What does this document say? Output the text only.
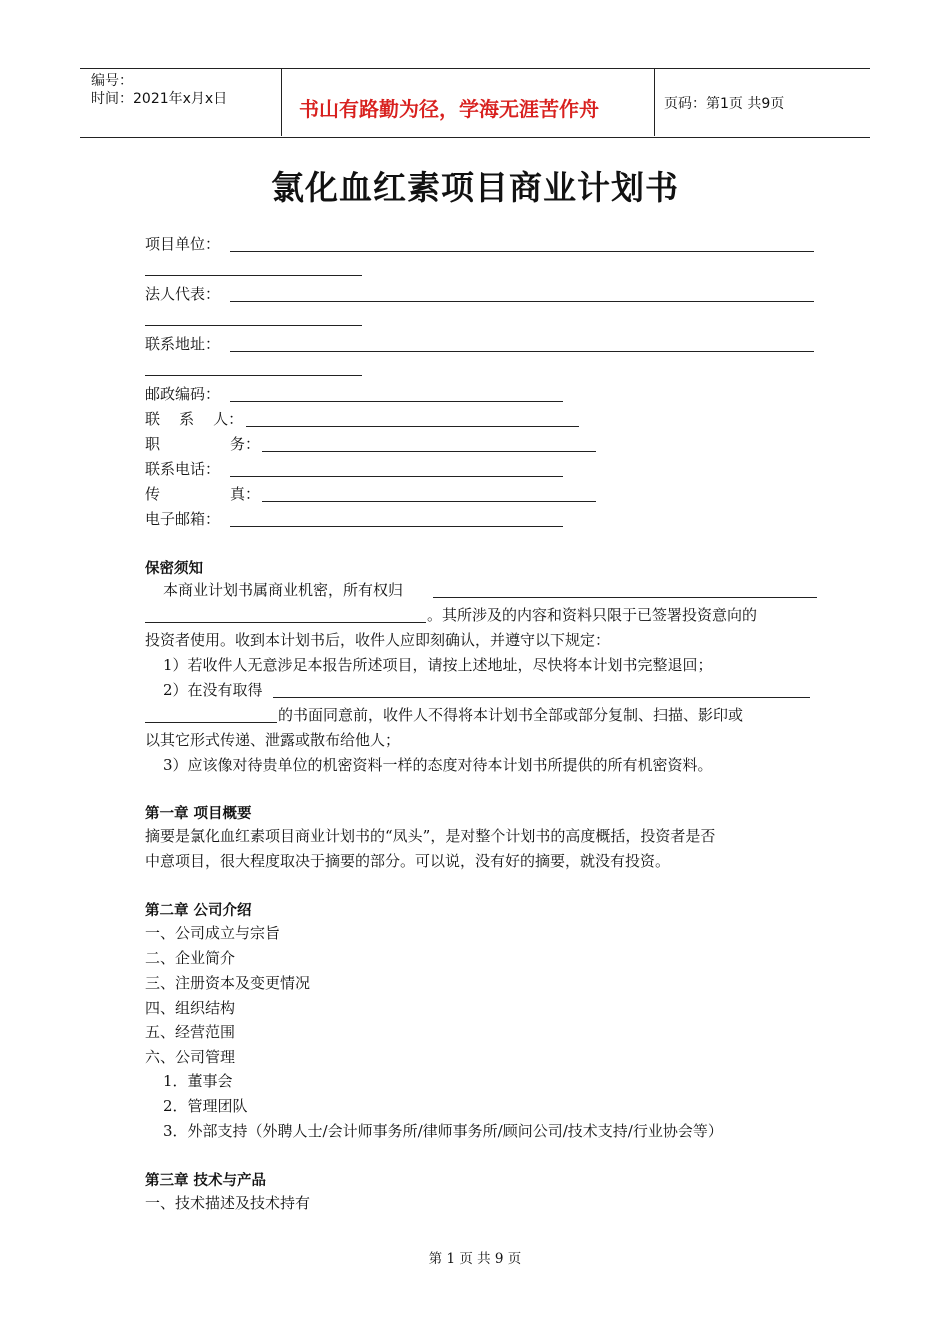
编号：
时间：2021年x月x日	书山有路勤为径，学海无涯苦作舟	页码：第1页 共9页
氯化血红素项目商业计划书
项目单位：
法人代表：
联系地址：
邮政编码：
联    系    人：
职	务：
联系电话：
传	真：
电子邮箱：
保密须知
本商业计划书属商业机密，所有权归
。其所涉及的内容和资料只限于已签署投资意向的
投资者使用。收到本计划书后，收件人应即刻确认，并遵守以下规定：
1）若收件人无意涉足本报告所述项目，请按上述地址，尽快将本计划书完整退回；
2）在没有取得
的书面同意前，收件人不得将本计划书全部或部分复制、扫描、影印或
以其它形式传递、泄露或散布给他人；
3）应该像对待贵单位的机密资料一样的态度对待本计划书所提供的所有机密资料。
第一章 项目概要
摘要是氯化血红素项目商业计划书的“凤头”，是对整个计划书的高度概括，投资者是否
中意项目，很大程度取决于摘要的部分。可以说，没有好的摘要，就没有投资。
第二章 公司介绍
一、公司成立与宗旨
二、企业简介
三、注册资本及变更情况
四、组织结构
五、经营范围
六、公司管理
1．董事会
2．管理团队
3．外部支持（外聘人士/会计师事务所/律师事务所/顾问公司/技术支持/行业协会等）
第三章 技术与产品
一、技术描述及技术持有
第 1 页 共 9 页
